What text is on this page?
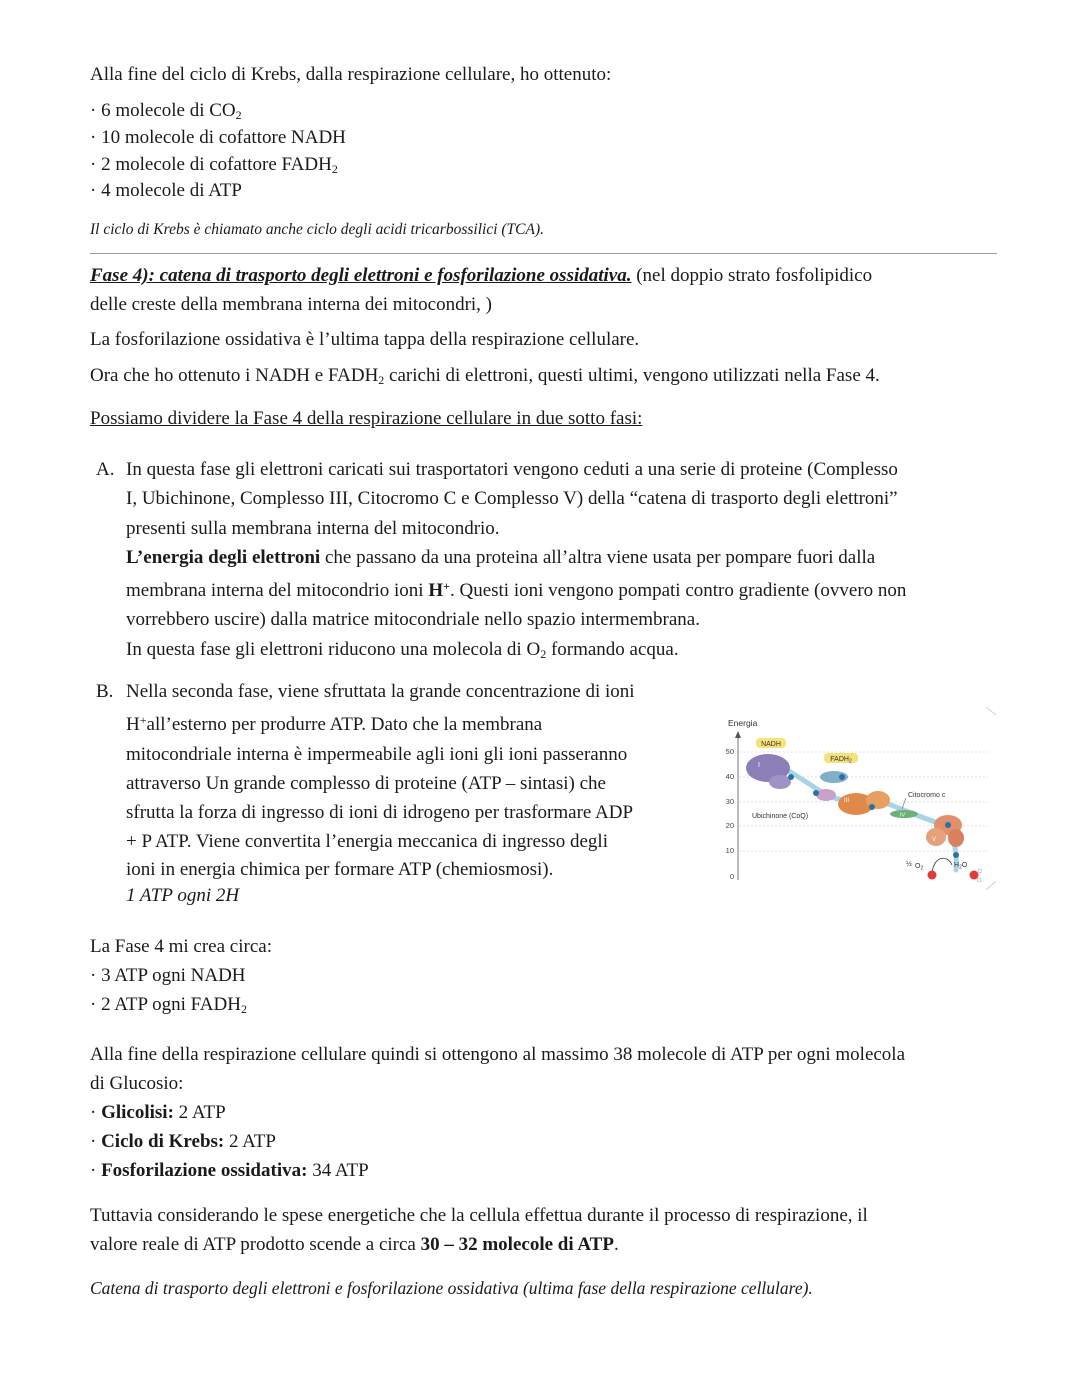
Alla fine del ciclo di Krebs, dalla respirazione cellulare, ho ottenuto:
· 6 molecole di $CO_2$
· 10 molecole di cofattore NADH
· 2 molecole di cofattore $FADH_2$
· 4 molecole di ATP
Il ciclo di Krebs è chiamato anche ciclo degli acidi tricarbossilici (TCA).
Fase 4): catena di trasporto degli elettroni e fosforilazione ossidativa. (nel doppio strato fosfolipidico
delle creste della membrana interna dei mitocondri, )
La fosforilazione ossidativa è l’ultima tappa della respirazione cellulare.
Ora che ho ottenuto i NADH e $FADH_2$ carichi di elettroni, questi ultimi, vengono utilizzati nella Fase 4.
Possiamo dividere la Fase 4 della respirazione cellulare in due sotto fasi:
A. In questa fase gli elettroni caricati sui trasportatori vengono ceduti a una serie di proteine (Complesso
I, Ubichinone, Complesso III, Citocromo C e Complesso V) della “catena di trasporto degli elettroni”
presenti sulla membrana interna del mitocondrio.
L’energia degli elettroni che passano da una proteina all’altra viene usata per pompare fuori dalla
membrana interna del mitocondrio ioni H+. Questi ioni vengono pompati contro gradiente (ovvero non
vorrebbero uscire) dalla matrice mitocondriale nello spazio intermembrana.
In questa fase gli elettroni riducono una molecola di $O_2$ formando acqua.
B. Nella seconda fase, viene sfruttata la grande concentrazione di ioni
H+all’esterno per produrre ATP. Dato che la membrana
mitocondriale interna è impermeabile agli ioni gli ioni passeranno
attraverso Un grande complesso di proteine (ATP – sintasi) che
sfrutta la forza di ingresso di ioni di idrogeno per trasformare ADP
+ P ATP. Viene convertita l’energia meccanica di ingresso degli
ioni in energia chimica per formare ATP (chemiosmosi).
1 ATP ogni 2H
Energia
50
40
30
20
10
0
NADH
I
$FADH_2$
Ubichinone (CoQ)
III
Citocromo c
IV
V
½ $O_2$	$H_2O$
La Fase 4 mi crea circa:
· 3 ATP ogni NADH
· 2 ATP ogni $FADH_2$
Alla fine della respirazione cellulare quindi si ottengono al massimo 38 molecole di ATP per ogni molecola
di Glucosio:
· Glicolisi: 2 ATP
· Ciclo di Krebs: 2 ATP
· Fosforilazione ossidativa: 34 ATP
Tuttavia considerando le spese energetiche che la cellula effettua durante il processo di respirazione, il
valore reale di ATP prodotto scende a circa 30 – 32 molecole di ATP.
Catena di trasporto degli elettroni e fosforilazione ossidativa (ultima fase della respirazione cellulare).
